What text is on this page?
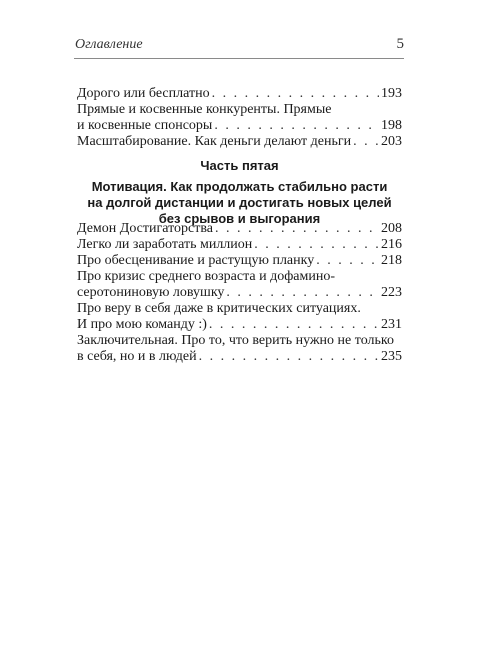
Оглавление	5
Дорого или бесплатно . . .	193
Прямые и косвенные конкуренты. Прямые
и косвенные спонсоры . . .	198
Масштабирование. Как деньги делают деньги . . . 203
Часть пятая
Мотивация. Как продолжать стабильно расти
на долгой дистанции и достигать новых целей
без срывов и выгорания
Демон Достигаторства . . .	208
Легко ли заработать миллион . . .	216
Про обесценивание и растущую планку . . .	218
Про кризис среднего возраста и дофамино-
серотониновую ловушку . . .	223
Про веру в себя даже в критических ситуациях.
И про мою команду :) . . .	231
Заключительная. Про то, что верить нужно не только
в себя, но и в людей . . .	235
